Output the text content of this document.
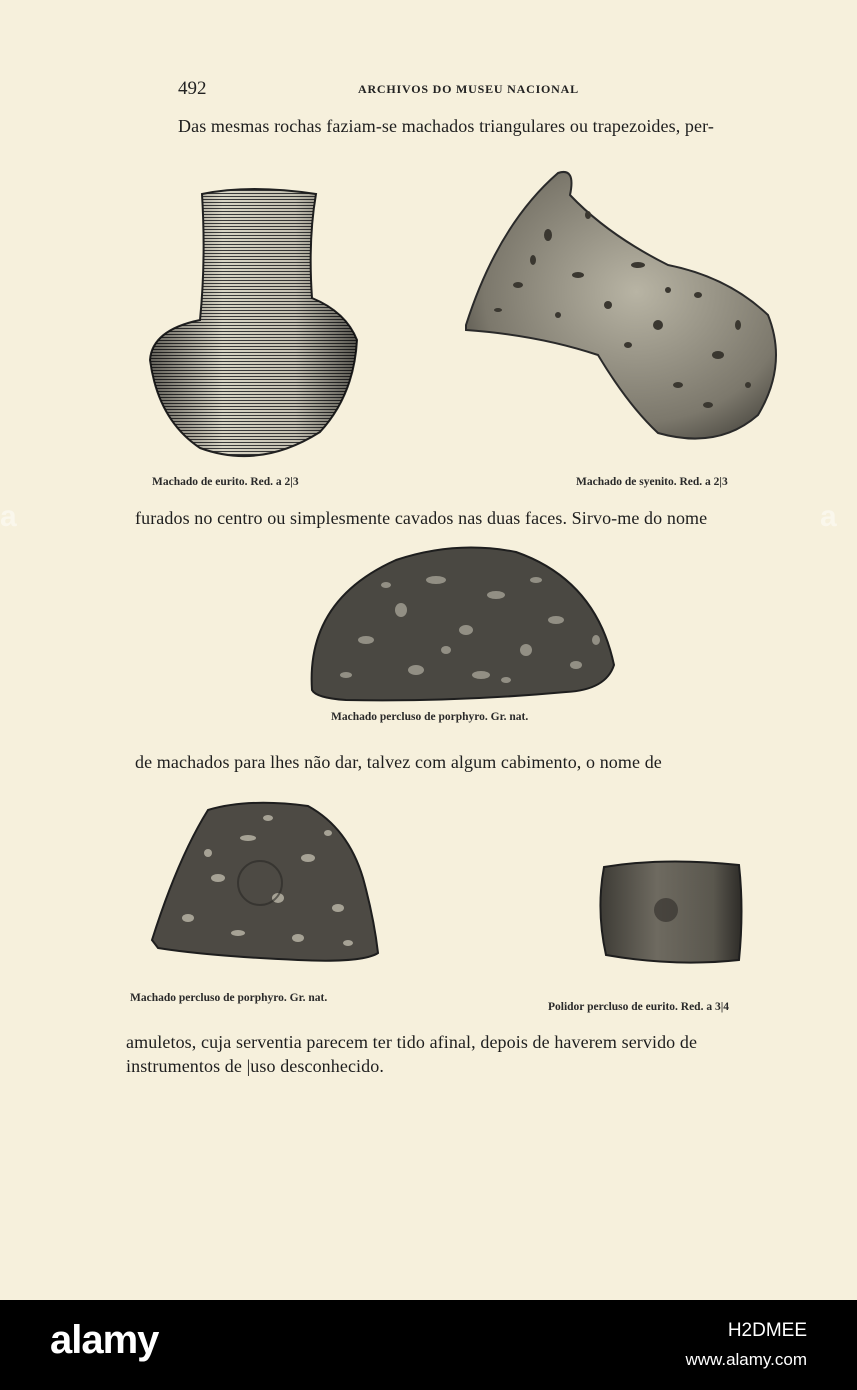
492	ARCHIVOS DO MUSEU NACIONAL
Das mesmas rochas faziam-se machados triangulares ou trapezoides, per-
Machado de eurito. Red. a 2|3	Machado de syenito. Red. a 2|3
furados no centro ou simplesmente cavados nas duas faces. Sirvo-me do nome
Machado percluso de porphyro. Gr. nat.
de machados para lhes não dar, talvez com algum cabimento, o nome de
Machado percluso de porphyro. Gr. nat.
Polidor percluso de eurito. Red. a 3|4
amuletos, cuja serventia parecem ter tido afinal, depois de haverem servido de
instrumentos de |uso desconhecido.
a	a
alamy	H2DMEE
www.alamy.com
